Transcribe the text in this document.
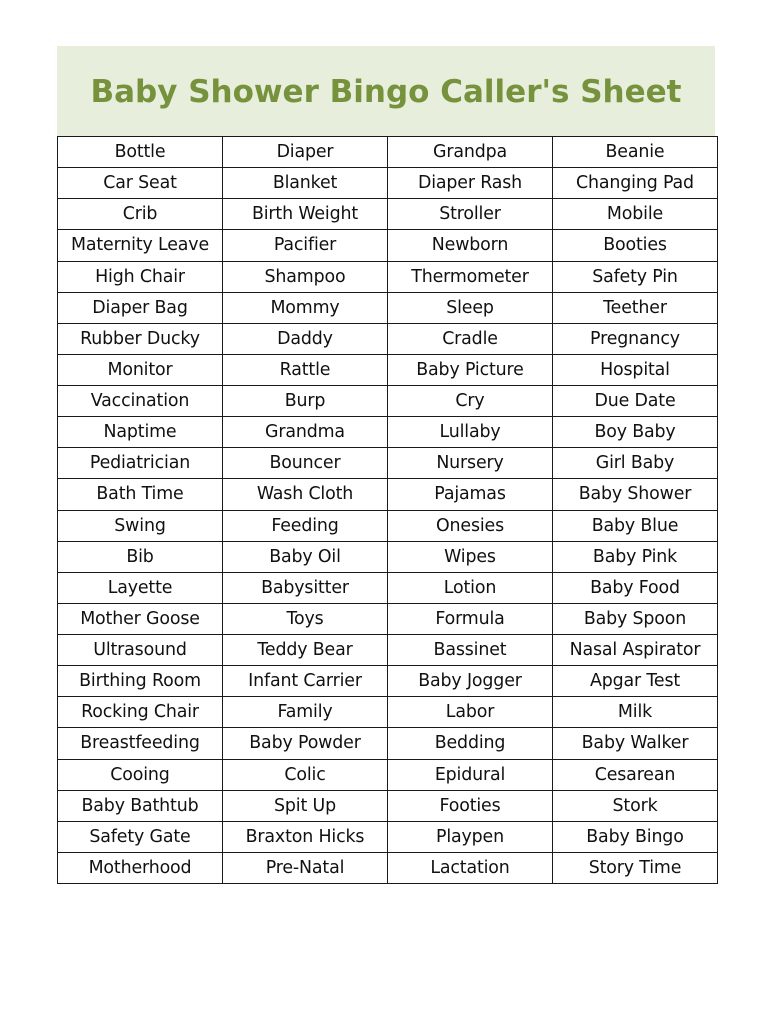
Baby Shower Bingo Caller's Sheet
Bottle	Diaper	Grandpa	Beanie
Car Seat	Blanket	Diaper Rash	Changing Pad
Crib	Birth Weight	Stroller	Mobile
Maternity Leave	Pacifier	Newborn	Booties
High Chair	Shampoo	Thermometer	Safety Pin
Diaper Bag	Mommy	Sleep	Teether
Rubber Ducky	Daddy	Cradle	Pregnancy
Monitor	Rattle	Baby Picture	Hospital
Vaccination	Burp	Cry	Due Date
Naptime	Grandma	Lullaby	Boy Baby
Pediatrician	Bouncer	Nursery	Girl Baby
Bath Time	Wash Cloth	Pajamas	Baby Shower
Swing	Feeding	Onesies	Baby Blue
Bib	Baby Oil	Wipes	Baby Pink
Layette	Babysitter	Lotion	Baby Food
Mother Goose	Toys	Formula	Baby Spoon
Ultrasound	Teddy Bear	Bassinet	Nasal Aspirator
Birthing Room	Infant Carrier	Baby Jogger	Apgar Test
Rocking Chair	Family	Labor	Milk
Breastfeeding	Baby Powder	Bedding	Baby Walker
Cooing	Colic	Epidural	Cesarean
Baby Bathtub	Spit Up	Footies	Stork
Safety Gate	Braxton Hicks	Playpen	Baby Bingo
Motherhood	Pre-Natal	Lactation	Story Time
